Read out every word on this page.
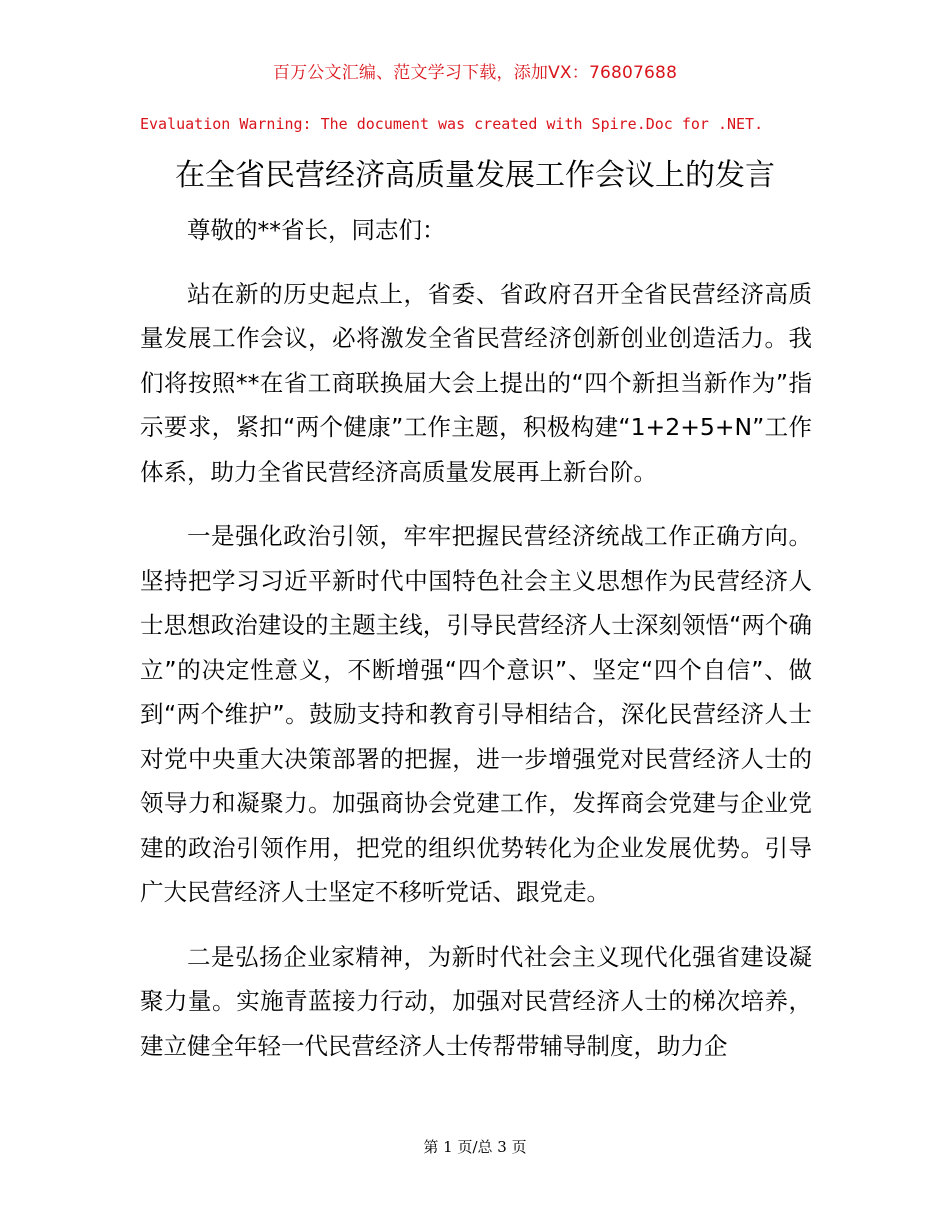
百万公文汇编、范文学习下载，添加VX：76807688
Evaluation Warning: The document was created with Spire.Doc for .NET.
在全省民营经济高质量发展工作会议上的发言

尊敬的**省长，同志们：

站在新的历史起点上，省委、省政府召开全省民营经济高质量发展工作会议，必将激发全省民营经济创新创业创造活力。我们将按照**在省工商联换届大会上提出的“四个新担当新作为”指示要求，紧扣“两个健康”工作主题，积极构建“1+2+5+N”工作体系，助力全省民营经济高质量发展再上新台阶。

一是强化政治引领，牢牢把握民营经济统战工作正确方向。坚持把学习习近平新时代中国特色社会主义思想作为民营经济人士思想政治建设的主题主线，引导民营经济人士深刻领悟“两个确立”的决定性意义，不断增强“四个意识”、坚定“四个自信”、做到“两个维护”。鼓励支持和教育引导相结合，深化民营经济人士对党中央重大决策部署的把握，进一步增强党对民营经济人士的领导力和凝聚力。加强商协会党建工作，发挥商会党建与企业党建的政治引领作用，把党的组织优势转化为企业发展优势。引导广大民营经济人士坚定不移听党话、跟党走。

二是弘扬企业家精神，为新时代社会主义现代化强省建设凝聚力量。实施青蓝接力行动，加强对民营经济人士的梯次培养，建立健全年轻一代民营经济人士传帮带辅导制度，助力企

第 1 页/总 3 页
